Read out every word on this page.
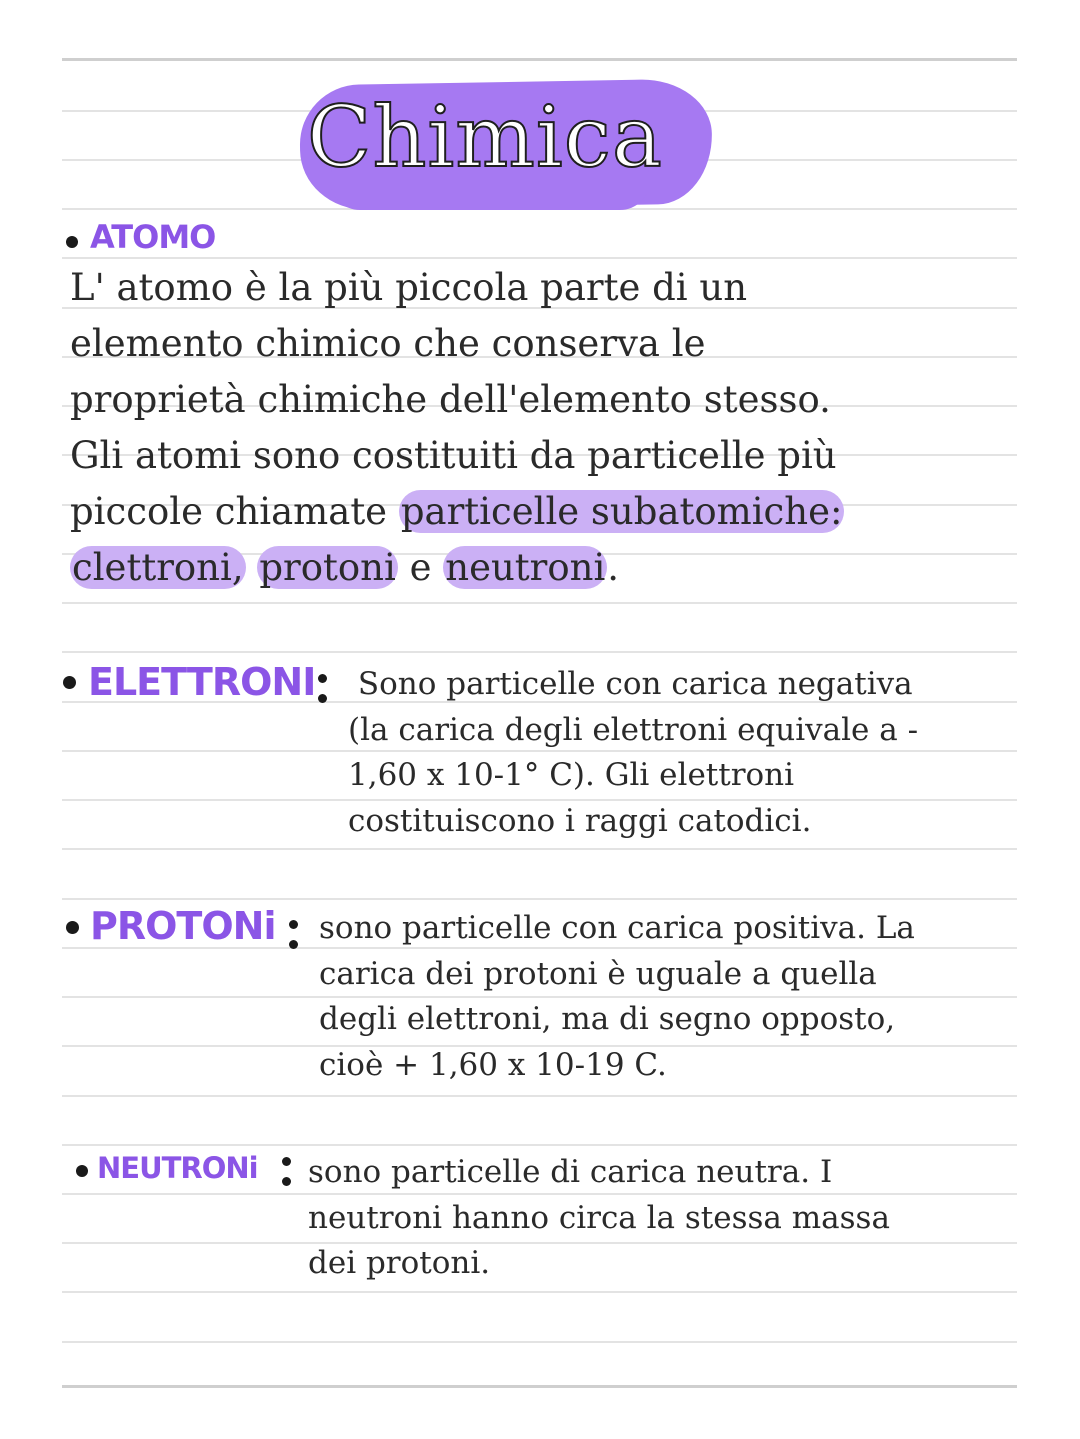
Chimica
ATOMO
L' atomo è la più piccola parte di un
elemento chimico che conserva le
proprietà chimiche dell'elemento stesso.
Gli atomi sono costituiti da particelle più
piccole chiamate particelle subatomiche:
clettroni, protoni e neutroni.
ELETTRONI Sono particelle con carica negativa
(la carica degli elettroni equivale a -
1,60 x 10-1° C). Gli elettroni
costituiscono i raggi catodici.
PROTONi sono particelle con carica positiva. La
carica dei protoni è uguale a quella
degli elettroni, ma di segno opposto,
cioè + 1,60 x 10-19 C.
NEUTRONi sono particelle di carica neutra. I
neutroni hanno circa la stessa massa
dei protoni.
